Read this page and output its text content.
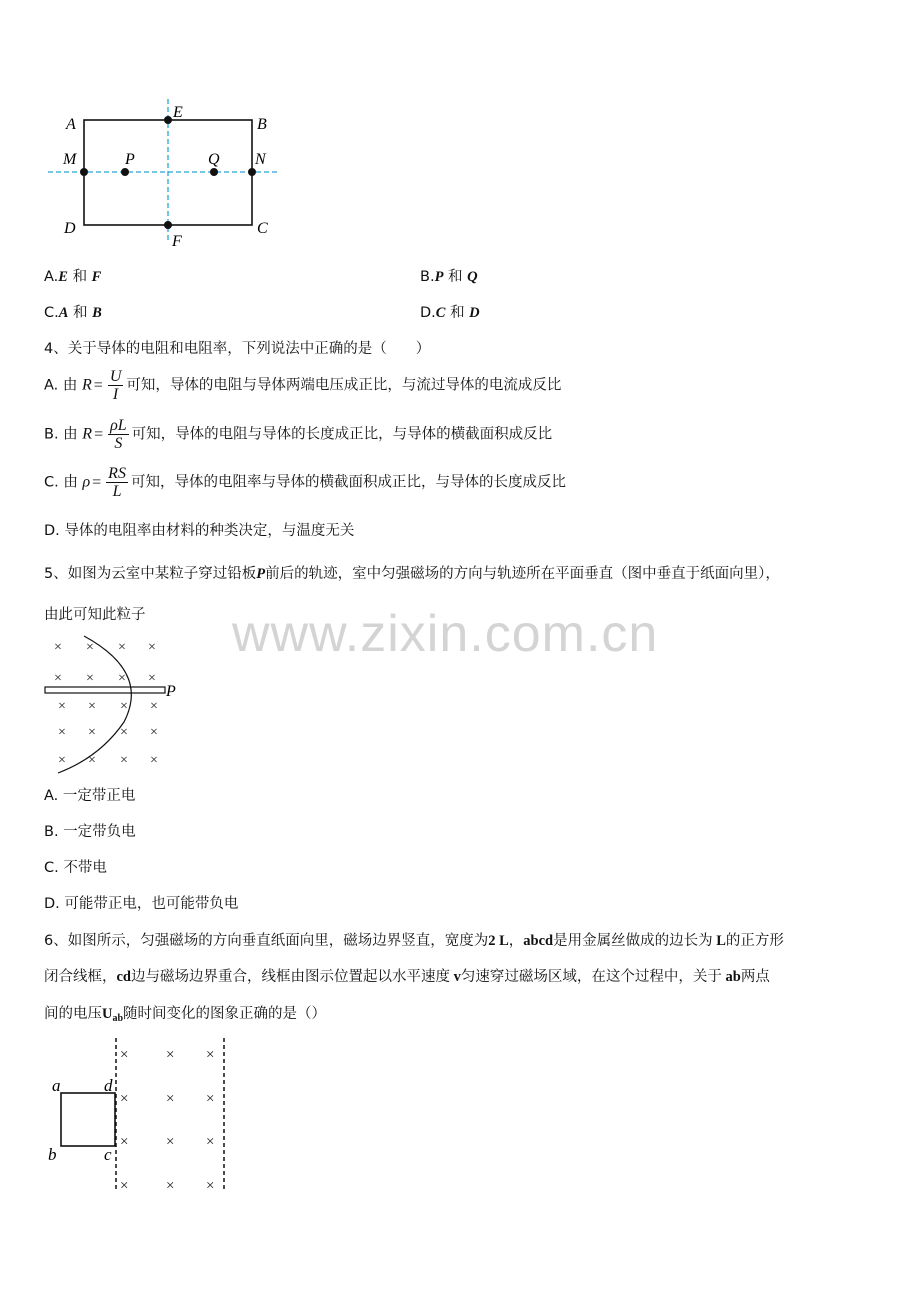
www.zixin.com.cn
A	B
C
D
E
F
M	N
P	Q
A.E 和 F	B.P 和 Q
C.A 和 B	D.C 和 D
4、关于导体的电阻和电阻率，下列说法中正确的是（　　）
A. 由 $R = \frac{U}{I}$ 可知，导体的电阻与导体两端电压成正比，与流过导体的电流成反比
B. 由 $R = \frac{\rho L}{S}$ 可知，导体的电阻与导体的长度成正比，与导体的横截面积成反比
C. 由 $\rho = \frac{RS}{L}$ 可知，导体的电阻率与导体的横截面积成正比，与导体的长度成反比
D. 导体的电阻率由材料的种类决定，与温度无关
5、如图为云室中某粒子穿过铅板P前后的轨迹，室中匀强磁场的方向与轨迹所在平面垂直（图中垂直于纸面向里），
由此可知此粒子
× × × ×
× × × ×
× × × ×
× × × ×
× × × ×
P
A. 一定带正电
B. 一定带负电
C. 不带电
D. 可能带正电，也可能带负电
6、如图所示，匀强磁场的方向垂直纸面向里，磁场边界竖直，宽度为2 L，abcd是用金属丝做成的边长为 L的正方形
闭合线框，cd边与磁场边界重合，线框由图示位置起以水平速度 v匀速穿过磁场区域，在这个过程中，关于 ab两点
间的电压$U_{ab}$随时间变化的图象正确的是（）
×	× ×
×	× ×
×	× ×
×	× ×
a
b	c
d
